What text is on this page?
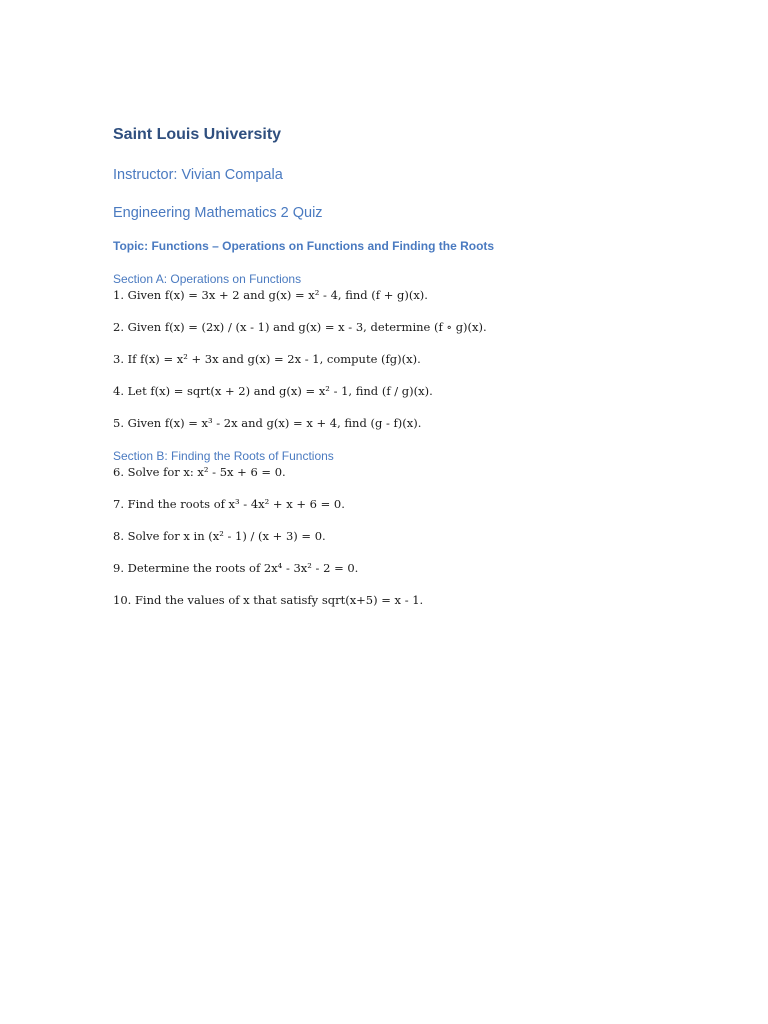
Saint Louis University
Instructor: Vivian Compala
Engineering Mathematics 2 Quiz
Topic: Functions – Operations on Functions and Finding the Roots
Section A: Operations on Functions
1. Given f(x) = 3x + 2 and g(x) = x² - 4, find (f + g)(x).
2. Given f(x) = (2x) / (x - 1) and g(x) = x - 3, determine (f ∘ g)(x).
3. If f(x) = x² + 3x and g(x) = 2x - 1, compute (fg)(x).
4. Let f(x) = sqrt(x + 2) and g(x) = x² - 1, find (f / g)(x).
5. Given f(x) = x³ - 2x and g(x) = x + 4, find (g - f)(x).
Section B: Finding the Roots of Functions
6. Solve for x: x² - 5x + 6 = 0.
7. Find the roots of x³ - 4x² + x + 6 = 0.
8. Solve for x in (x² - 1) / (x + 3) = 0.
9. Determine the roots of 2x⁴ - 3x² - 2 = 0.
10. Find the values of x that satisfy sqrt(x+5) = x - 1.
